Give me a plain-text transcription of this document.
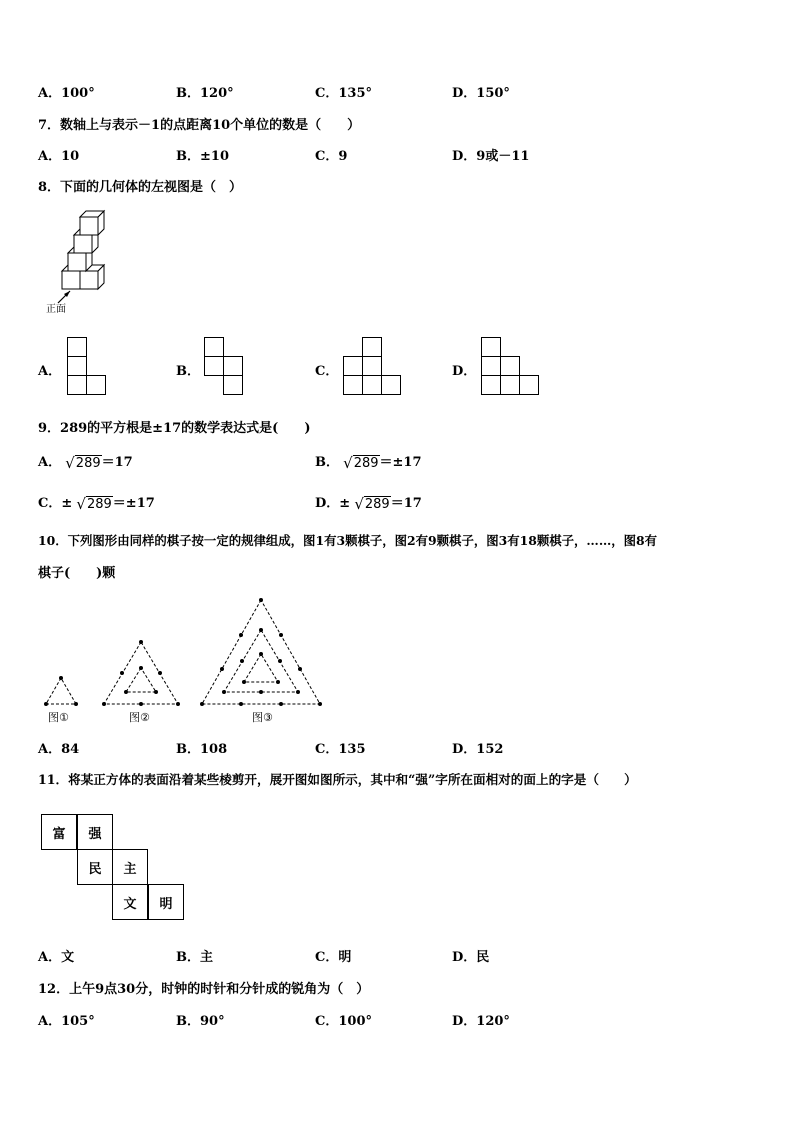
A．100°	B．120°	C．135°	D．150°
7．数轴上与表示－1的点距离10个单位的数是（　　）
A．10	B．±10	C．9	D．9或－11
8．下面的几何体的左视图是（　）
正面
A．	B．	C．	D．
9．289的平方根是±17的数学表达式是(　　)
A． √ 289 ＝17	B． √ 289 ＝±17
C．± √ 289 ＝±17	D．± √ 289 ＝17
10．下列图形由同样的棋子按一定的规律组成，图1有3颗棋子，图2有9颗棋子，图3有18颗棋子，……，图8有
棋子(　　)颗
图①	图②	图③
A．84	B．108	C．135	D．152
11．将某正方体的表面沿着某些棱剪开，展开图如图所示，其中和“强”字所在面相对的面上的字是（　　）
富	强
民	主
文	明
A．文	B．主	C．明	D．民
12．上午9点30分，时钟的时针和分针成的锐角为（　）
A．105°	B．90°	C．100°	D．120°
